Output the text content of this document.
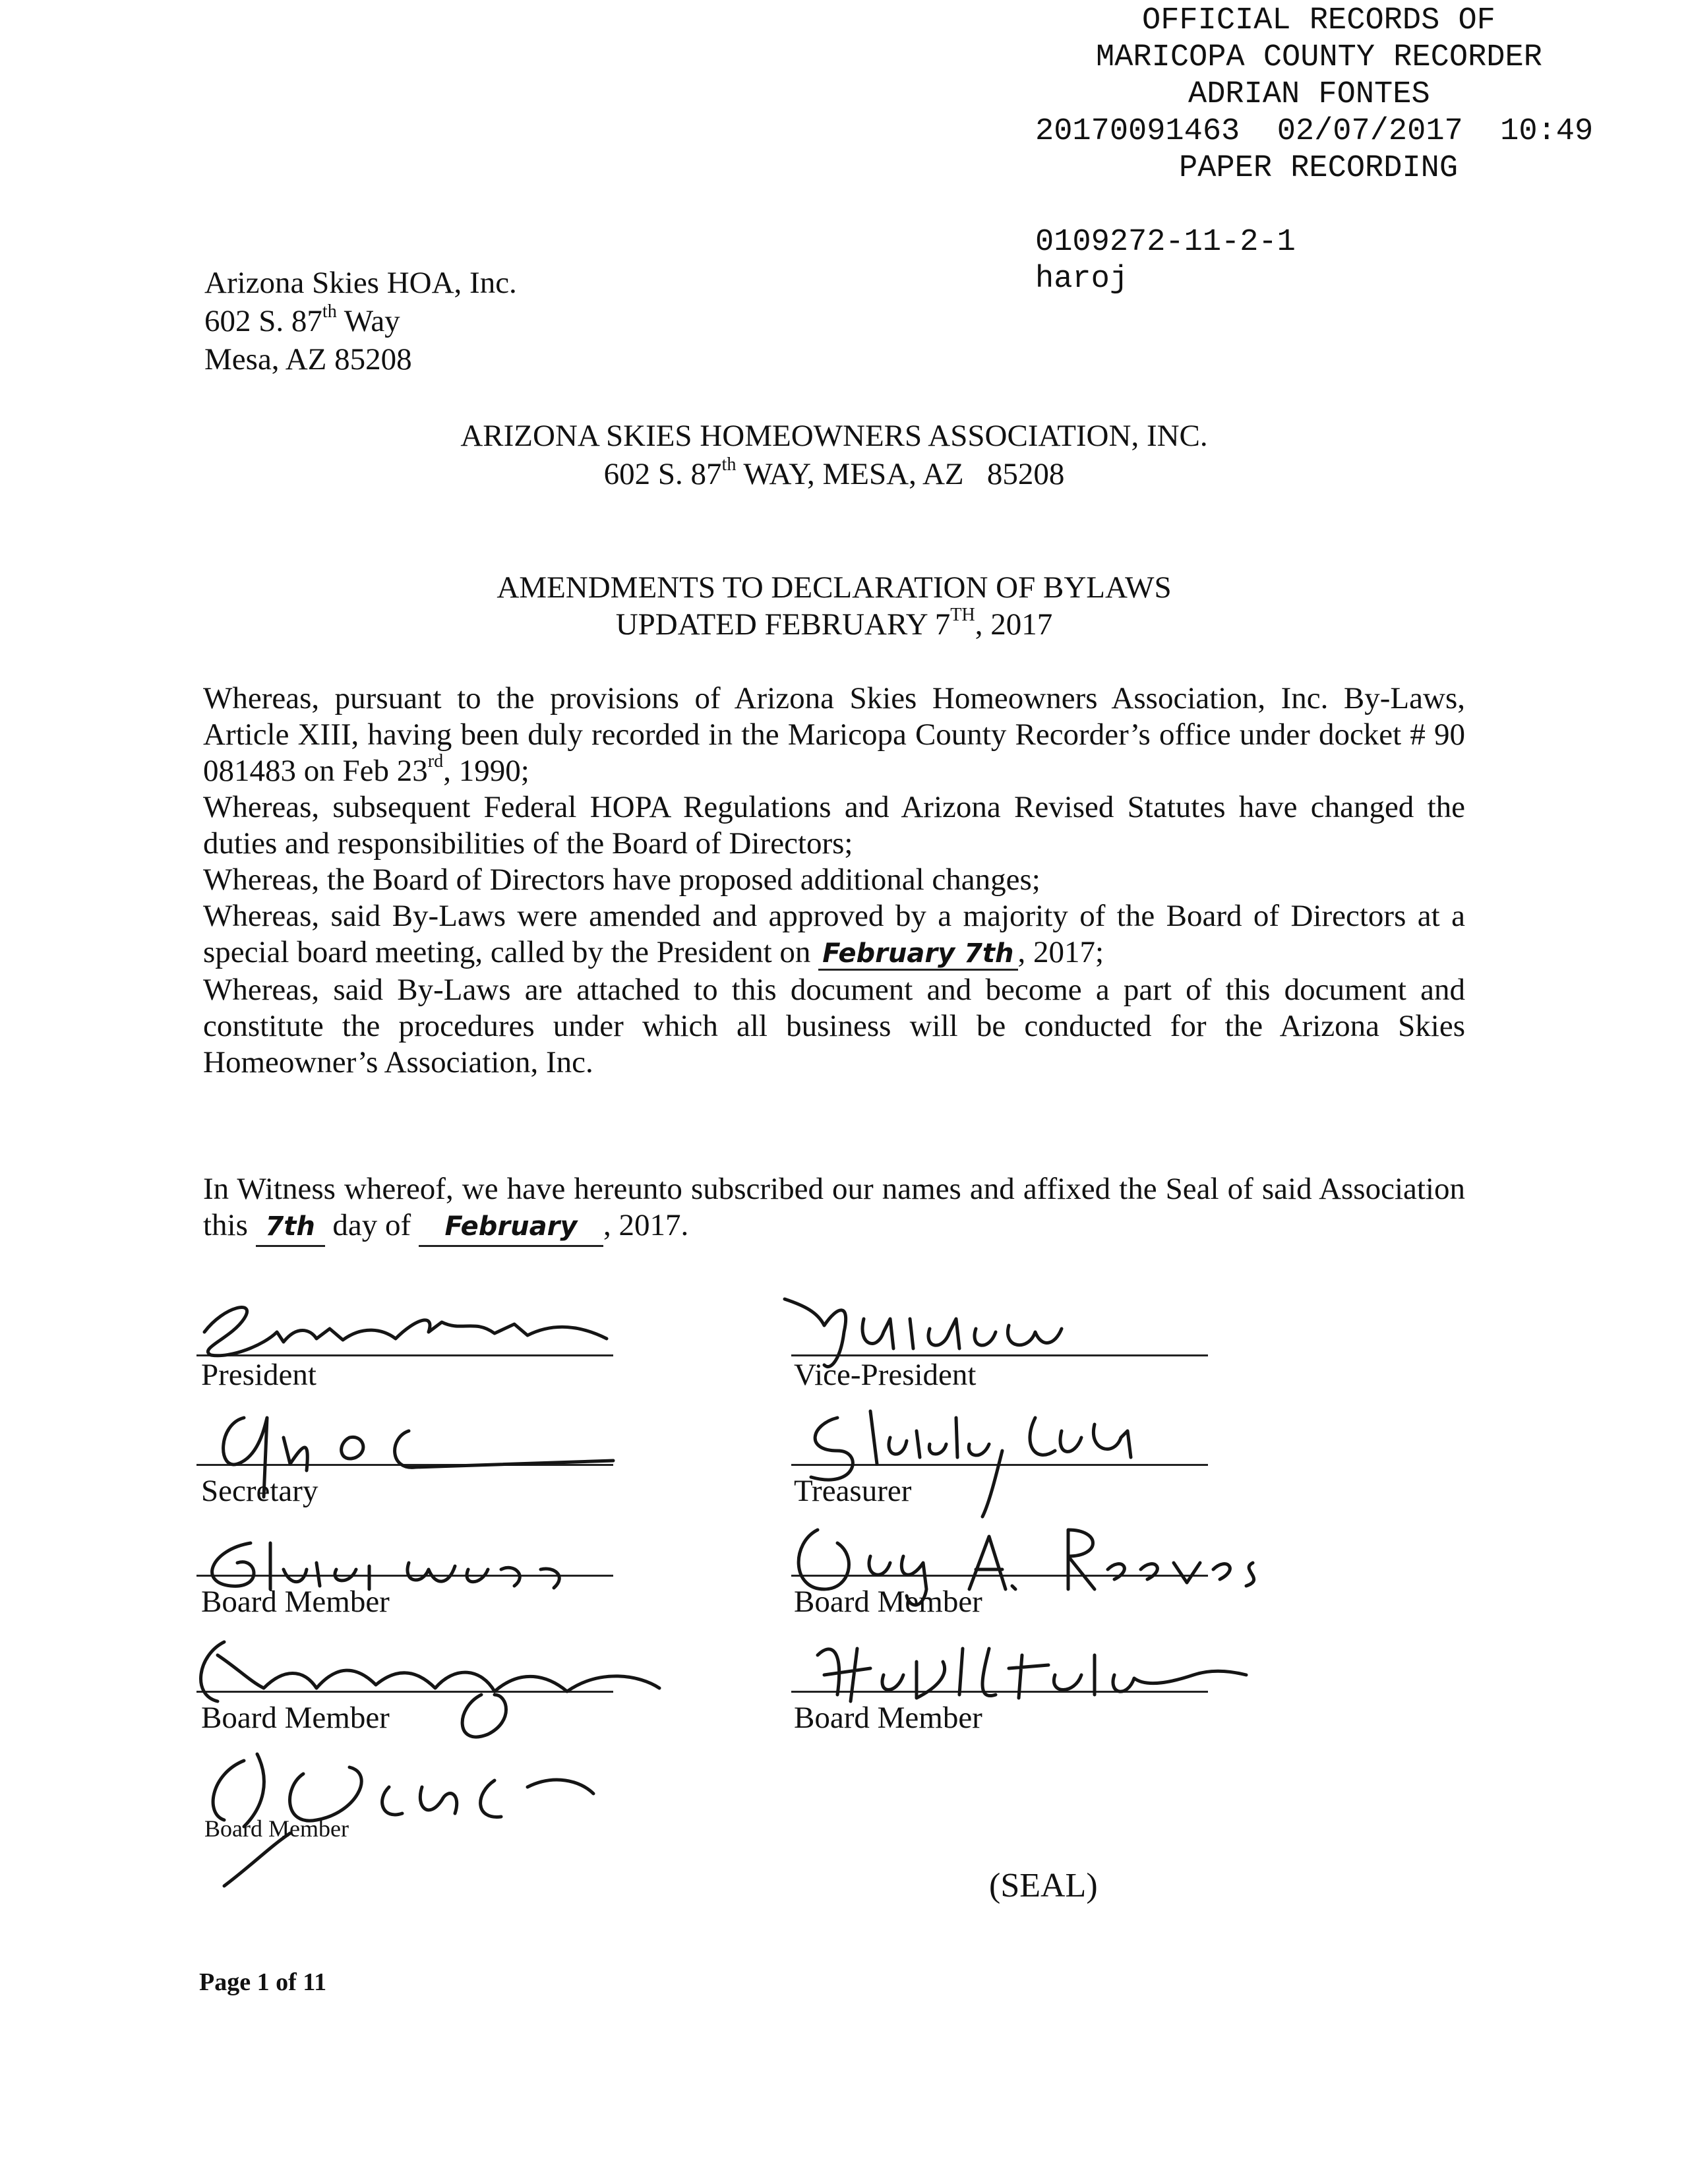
OFFICIAL RECORDS OF
MARICOPA COUNTY RECORDER
ADRIAN FONTES
20170091463 02/07/2017 10:49
PAPER RECORDING
0109272-11-2-1
haroj
Arizona Skies HOA, Inc.
602 S. 87th Way
Mesa, AZ 85208
ARIZONA SKIES HOMEOWNERS ASSOCIATION, INC.
602 S. 87th WAY, MESA, AZ   85208
AMENDMENTS TO DECLARATION OF BYLAWS
UPDATED FEBRUARY 7TH, 2017
Whereas, pursuant to the provisions of Arizona Skies Homeowners Association, Inc. By-Laws, Article XIII, having been duly recorded in the Maricopa County Recorder’s office under docket # 90 081483 on Feb 23rd, 1990;
Whereas, subsequent Federal HOPA Regulations and Arizona Revised Statutes have changed the duties and responsibilities of the Board of Directors;
Whereas, the Board of Directors have proposed additional changes;
Whereas, said By-Laws were amended and approved by a majority of the Board of Directors at a special board meeting, called by the President on February 7th , 2017;
Whereas, said By-Laws are attached to this document and become a part of this document and constitute the procedures under which all business will be conducted for the Arizona Skies Homeowner’s Association, Inc.
In Witness whereof, we have hereunto subscribed our names and affixed the Seal of said Association this 7th day of February , 2017.
President
Secretary
Board Member
Board Member
Board Member
Vice-President
Treasurer
Board Member
Board Member
(SEAL)
Page 1 of 11
